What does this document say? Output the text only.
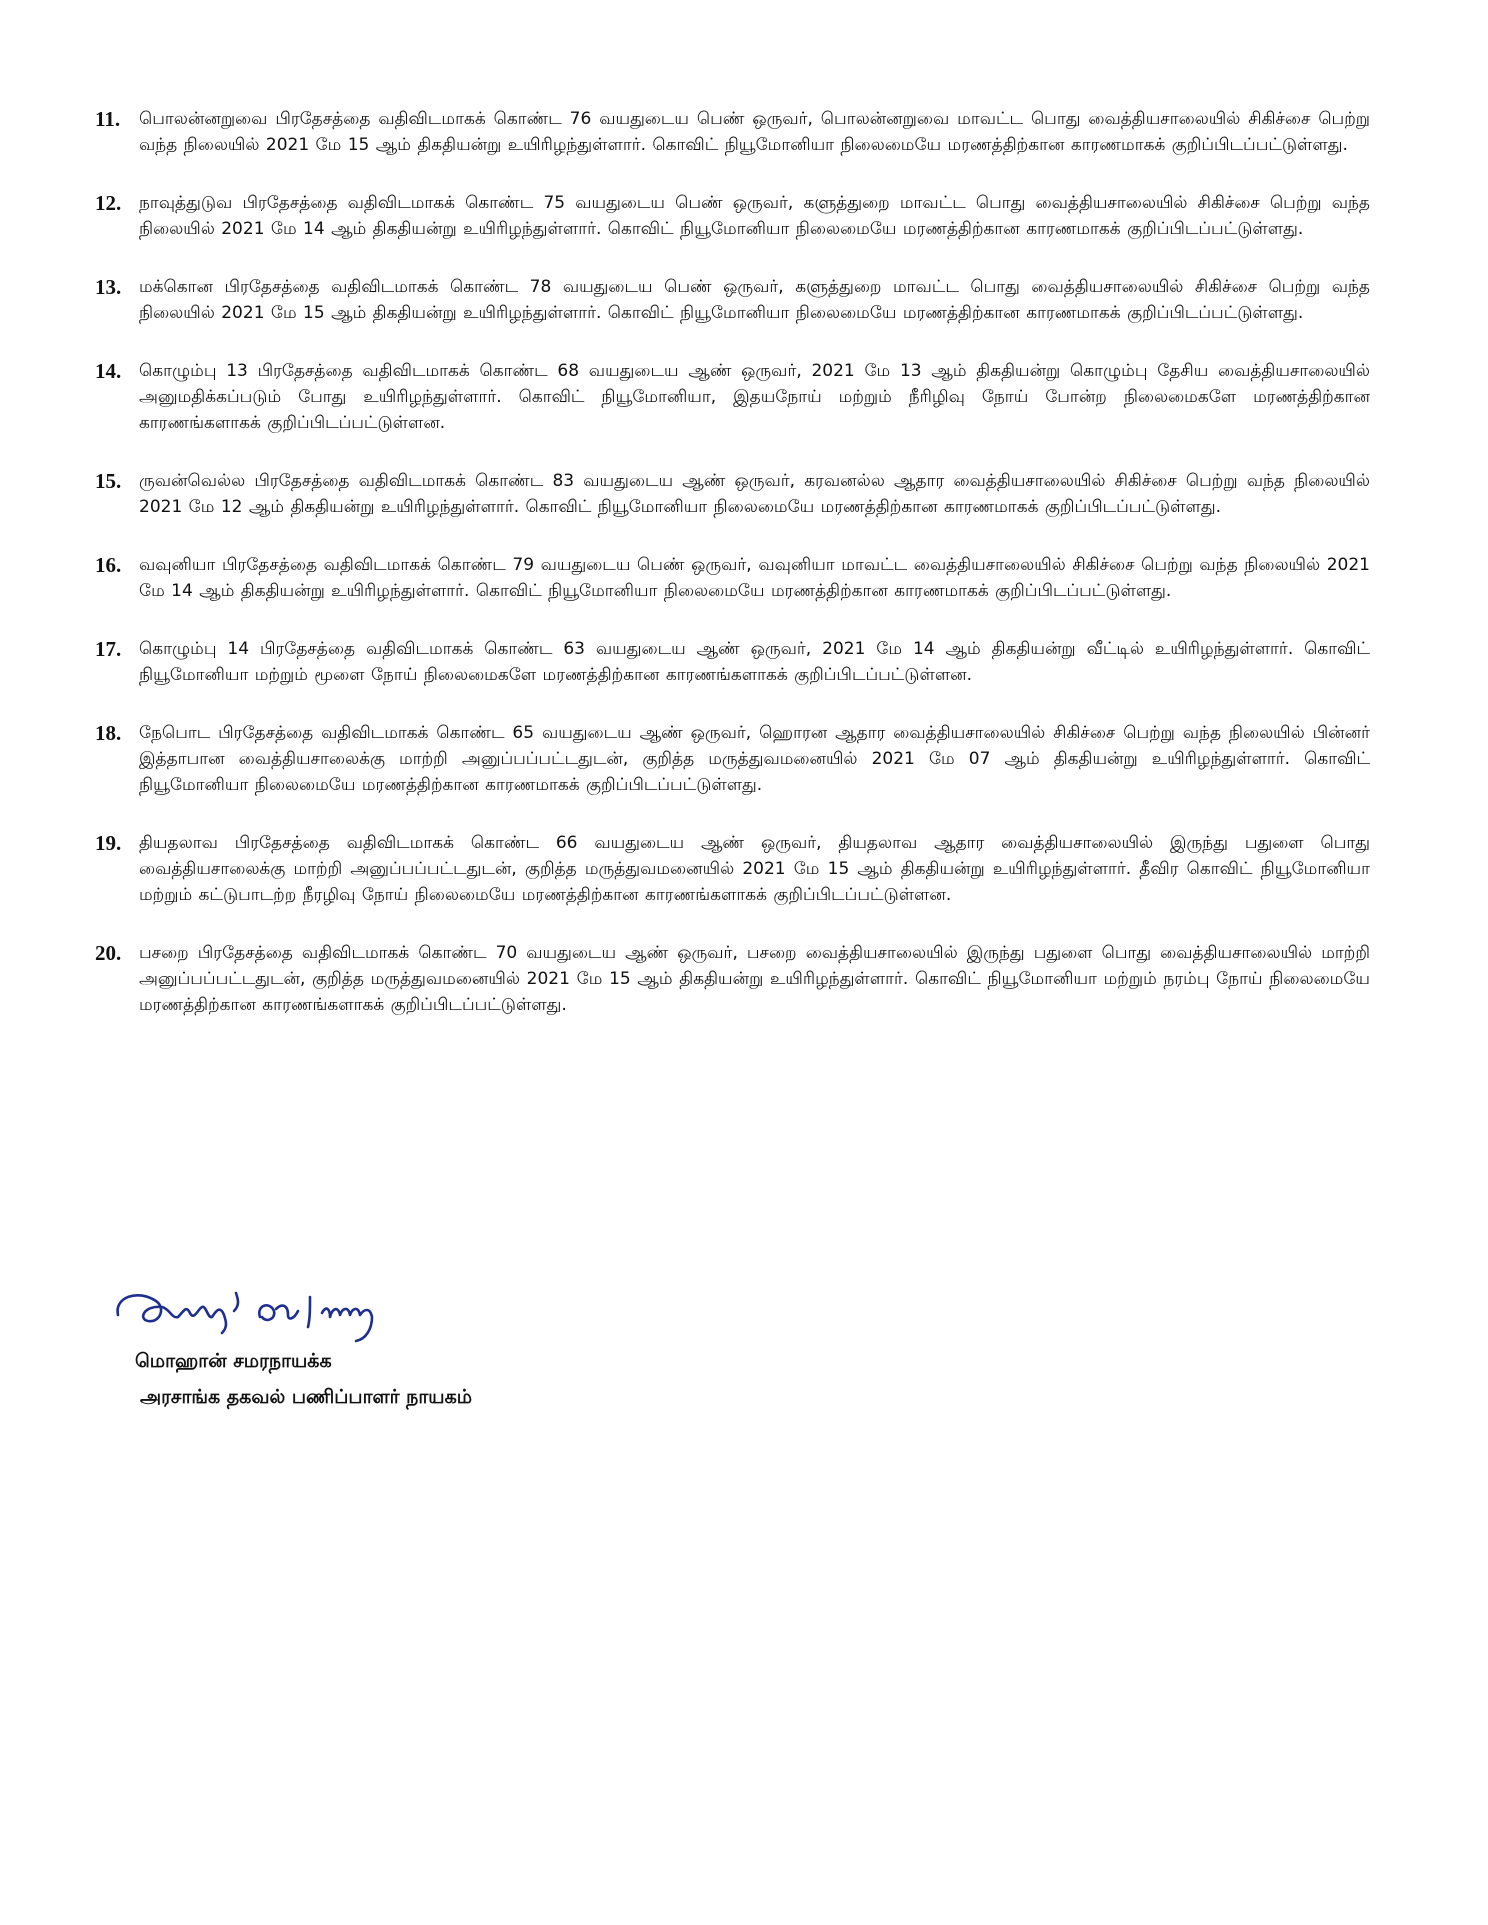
11.	பொலன்னறுவை பிரதேசத்தை வதிவிடமாகக் கொண்ட 76 வயதுடைய பெண் ஒருவர், பொலன்னறுவை மாவட்ட பொது வைத்தியசாலையில் சிகிச்சை பெற்று வந்த நிலையில் 2021 மே 15 ஆம் திகதியன்று உயிரிழந்துள்ளார். கொவிட் நியூமோனியா நிலைமையே மரணத்திற்கான காரணமாகக் குறிப்பிடப்பட்டுள்ளது.
12.	நாவுத்துடுவ பிரதேசத்தை வதிவிடமாகக் கொண்ட 75 வயதுடைய பெண் ஒருவர், களுத்துறை மாவட்ட பொது வைத்தியசாலையில் சிகிச்சை பெற்று வந்த நிலையில் 2021 மே 14 ஆம் திகதியன்று உயிரிழந்துள்ளார். கொவிட் நியூமோனியா நிலைமையே மரணத்திற்கான காரணமாகக் குறிப்பிடப்பட்டுள்ளது.
13.	மக்கொன பிரதேசத்தை வதிவிடமாகக் கொண்ட 78 வயதுடைய பெண் ஒருவர், களுத்துறை மாவட்ட பொது வைத்தியசாலையில் சிகிச்சை பெற்று வந்த நிலையில் 2021 மே 15 ஆம் திகதியன்று உயிரிழந்துள்ளார். கொவிட் நியூமோனியா நிலைமையே மரணத்திற்கான காரணமாகக் குறிப்பிடப்பட்டுள்ளது.
14.	கொழும்பு 13 பிரதேசத்தை வதிவிடமாகக் கொண்ட 68 வயதுடைய ஆண் ஒருவர், 2021 மே 13 ஆம் திகதியன்று கொழும்பு தேசிய வைத்தியசாலையில் அனுமதிக்கப்படும் போது உயிரிழந்துள்ளார். கொவிட் நியூமோனியா, இதயநோய் மற்றும் நீரிழிவு நோய் போன்ற நிலைமைகளே மரணத்திற்கான காரணங்களாகக் குறிப்பிடப்பட்டுள்ளன.
15.	ருவன்வெல்ல பிரதேசத்தை வதிவிடமாகக் கொண்ட 83 வயதுடைய ஆண் ஒருவர், கரவனல்ல ஆதார வைத்தியசாலையில் சிகிச்சை பெற்று வந்த நிலையில் 2021 மே 12 ஆம் திகதியன்று உயிரிழந்துள்ளார். கொவிட் நியூமோனியா நிலைமையே மரணத்திற்கான காரணமாகக் குறிப்பிடப்பட்டுள்ளது.
16.	வவுனியா பிரதேசத்தை வதிவிடமாகக் கொண்ட 79 வயதுடைய பெண் ஒருவர், வவுனியா மாவட்ட வைத்தியசாலையில் சிகிச்சை பெற்று வந்த நிலையில் 2021 மே 14 ஆம் திகதியன்று உயிரிழந்துள்ளார். கொவிட் நியூமோனியா நிலைமையே மரணத்திற்கான காரணமாகக் குறிப்பிடப்பட்டுள்ளது.
17.	கொழும்பு 14 பிரதேசத்தை வதிவிடமாகக் கொண்ட 63 வயதுடைய ஆண் ஒருவர், 2021 மே 14 ஆம் திகதியன்று வீட்டில் உயிரிழந்துள்ளார். கொவிட் நியூமோனியா மற்றும் மூளை நோய் நிலைமைகளே மரணத்திற்கான காரணங்களாகக் குறிப்பிடப்பட்டுள்ளன.
18.	நேபொட பிரதேசத்தை வதிவிடமாகக் கொண்ட 65 வயதுடைய ஆண் ஒருவர், ஹொரன ஆதார வைத்தியசாலையில் சிகிச்சை பெற்று வந்த நிலையில் பின்னர் இத்தாபான வைத்தியசாலைக்கு மாற்றி அனுப்பப்பட்டதுடன், குறித்த மருத்துவமனையில் 2021 மே 07 ஆம் திகதியன்று உயிரிழந்துள்ளார். கொவிட் நியூமோனியா நிலைமையே மரணத்திற்கான காரணமாகக் குறிப்பிடப்பட்டுள்ளது.
19.	தியதலாவ பிரதேசத்தை வதிவிடமாகக் கொண்ட 66 வயதுடைய ஆண் ஒருவர், தியதலாவ ஆதார வைத்தியசாலையில் இருந்து பதுளை பொது வைத்தியசாலைக்கு மாற்றி அனுப்பப்பட்டதுடன், குறித்த மருத்துவமனையில் 2021 மே 15 ஆம் திகதியன்று உயிரிழந்துள்ளார். தீவிர கொவிட் நியூமோனியா மற்றும் கட்டுபாடற்ற நீரழிவு நோய் நிலைமையே மரணத்திற்கான காரணங்களாகக் குறிப்பிடப்பட்டுள்ளன.
20.	பசறை பிரதேசத்தை வதிவிடமாகக் கொண்ட 70 வயதுடைய ஆண் ஒருவர், பசறை வைத்தியசாலையில் இருந்து பதுளை பொது வைத்தியசாலையில் மாற்றி அனுப்பப்பட்டதுடன், குறித்த மருத்துவமனையில் 2021 மே 15 ஆம் திகதியன்று உயிரிழந்துள்ளார். கொவிட் நியூமோனியா மற்றும் நரம்பு நோய் நிலைமையே மரணத்திற்கான காரணங்களாகக் குறிப்பிடப்பட்டுள்ளது.
மொஹான் சமரநாயக்க
அரசாங்க தகவல் பணிப்பாளர் நாயகம்
